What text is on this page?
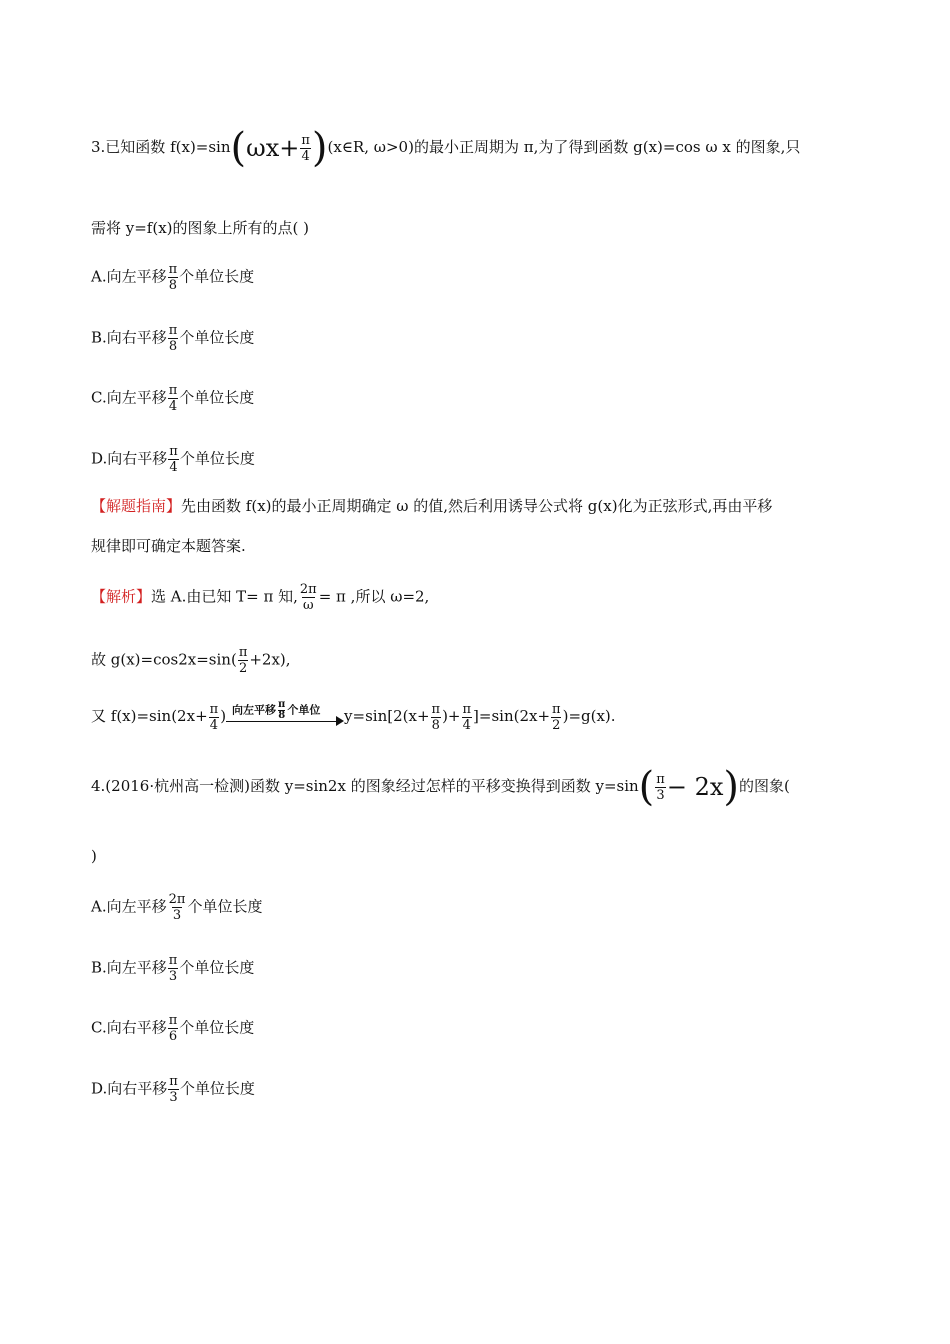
3.已知函数 $f(x)=\sin(\omega x+ \frac{\pi}{4}$ )(x∈R, ω>0)的最小正周期为 π,为了得到函数 g(x)=cos ω x 的图象,只
需将 y=f(x)的图象上所有的点( )
A.向左平移 $\frac{\pi}{8}$ 个单位长度
B.向右平移 $\frac{\pi}{8}$ 个单位长度
C.向左平移 $\frac{\pi}{4}$ 个单位长度
D.向右平移 $\frac{\pi}{4}$ 个单位长度
【解题指南】先由函数 f(x)的最小正周期确定 ω 的值,然后利用诱导公式将 g(x)化为正弦形式,再由平移
规律即可确定本题答案.
【解析】选 A.由已知 T= π 知, $\frac{2\pi}{\omega} = \pi$ ,所以 ω=2,
故 $g(x)=\cos 2x=\sin( \frac{\pi}{2} +2x)$,
又 $f(x)=\sin(2x+ \frac{\pi}{4}$ ) 向左平移 $\frac{\pi}{8}$ 个单位 $y=\sin[2(x+ \frac{\pi}{8}$ )+ $\frac{\pi}{4} ]=\sin(2x+ \frac{\pi}{2} )=g(x)$.
4.(2016·杭州高一检测)函数 y=sin2x 的图象经过怎样的平移变换得到函数 $y=\sin( \frac{\pi}{3} - 2x)$的图象(
)
A.向左平移 $\frac{2\pi}{3}$ 个单位长度
B.向左平移 $\frac{\pi}{3}$ 个单位长度
C.向右平移 $\frac{\pi}{6}$ 个单位长度
D.向右平移 $\frac{\pi}{3}$ 个单位长度
